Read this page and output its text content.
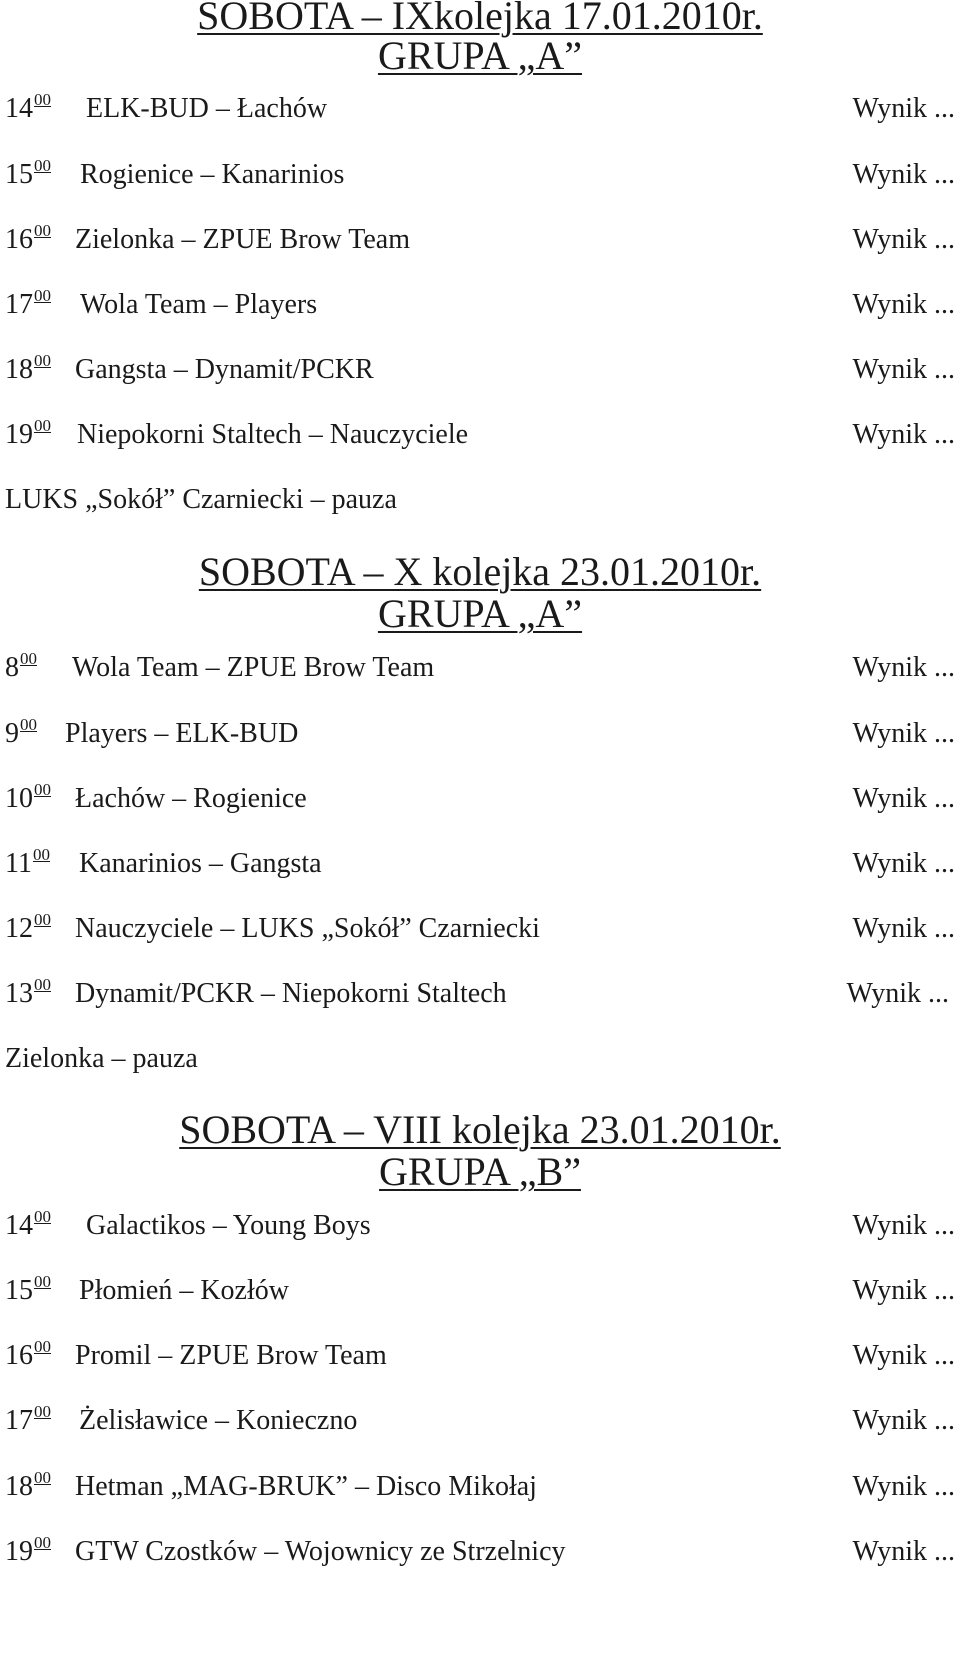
SOBOTA – IXkolejka 17.01.2010r.
GRUPA „A”
$14^{00}$ ELK-BUD – Łachów	Wynik ...
$15^{00}$ Rogienice – Kanarinios	Wynik ...
$16^{00}$ Zielonka – ZPUE Brow Team	Wynik ...
$17^{00}$ Wola Team – Players	Wynik ...
$18^{00}$ Gangsta – Dynamit/PCKR	Wynik ...
$19^{00}$ Niepokorni Staltech – Nauczyciele	Wynik ...
LUKS „Sokół” Czarniecki – pauza
SOBOTA – X kolejka 23.01.2010r.
GRUPA „A”
$8^{00}$ Wola Team – ZPUE Brow Team	Wynik ...
$9^{00}$ Players – ELK-BUD	Wynik ...
$10^{00}$ Łachów – Rogienice	Wynik ...
$11^{00}$ Kanarinios – Gangsta	Wynik ...
$12^{00}$ Nauczyciele – LUKS „Sokół” Czarniecki	Wynik ...
$13^{00}$ Dynamit/PCKR – Niepokorni Staltech	Wynik ...
Zielonka – pauza
SOBOTA – VIII kolejka 23.01.2010r.
GRUPA „B”
$14^{00}$ Galactikos – Young Boys	Wynik ...
$15^{00}$ Płomień – Kozłów	Wynik ...
$16^{00}$ Promil – ZPUE Brow Team	Wynik ...
$17^{00}$ Żelisławice – Konieczno	Wynik ...
$18^{00}$ Hetman „MAG-BRUK” – Disco Mikołaj	Wynik ...
$19^{00}$ GTW Czostków – Wojownicy ze Strzelnicy	Wynik ...
